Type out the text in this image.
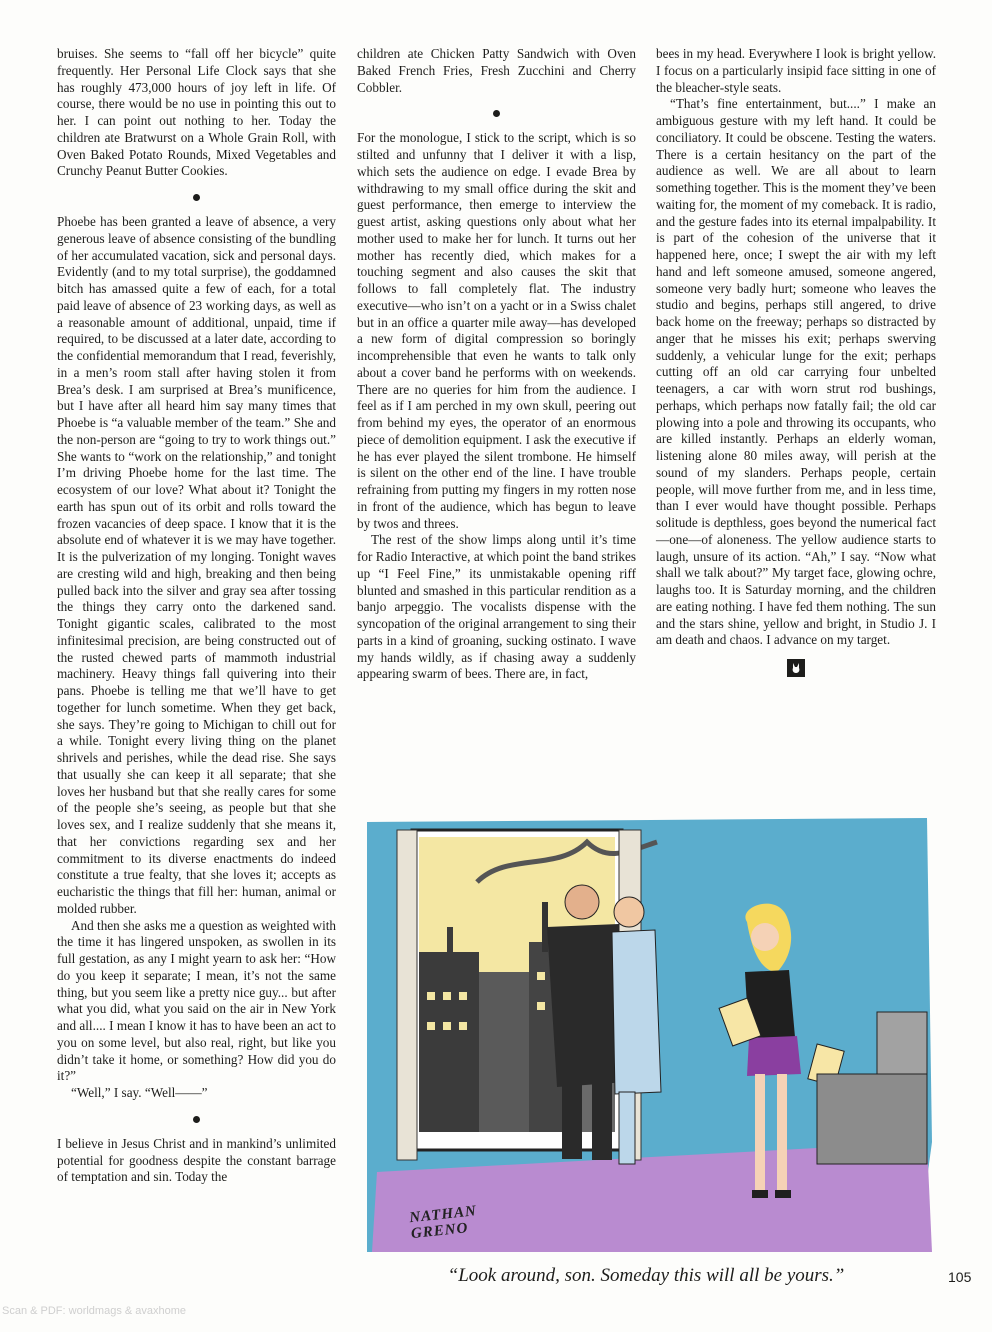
bruises. She seems to “fall off her bicycle” quite frequently. Her Personal Life Clock says that she has roughly 473,000 hours of joy left in life. Of course, there would be no use in pointing this out to her. I can point out nothing to her. Today the children ate Bratwurst on a Whole Grain Roll, with Oven Baked Potato Rounds, Mixed Vegetables and Crunchy Peanut Butter Cookies.

Phoebe has been granted a leave of absence, a very generous leave of absence consisting of the bundling of her accumulated vacation, sick and personal days. Evidently (and to my total surprise), the goddamned bitch has amassed quite a few of each, for a total paid leave of absence of 23 working days, as well as a reasonable amount of additional, unpaid, time if required, to be discussed at a later date, according to the confidential memorandum that I read, feverishly, in a men’s room stall after having stolen it from Brea’s desk. I am surprised at Brea’s munificence, but I have after all heard him say many times that Phoebe is “a valuable member of the team.” She and the non-person are “going to try to work things out.” She wants to “work on the relationship,” and tonight I’m driving Phoebe home for the last time. The ecosystem of our love? What about it? Tonight the earth has spun out of its orbit and rolls toward the frozen vacancies of deep space. I know that it is the absolute end of whatever it is we may have together. It is the pulverization of my longing. Tonight waves are cresting wild and high, breaking and then being pulled back into the silver and gray sea after tossing the things they carry onto the darkened sand. Tonight gigantic scales, calibrated to the most infinitesimal precision, are being constructed out of the rusted chewed parts of mammoth industrial machinery. Heavy things fall quivering into their pans. Phoebe is telling me that we’ll have to get together for lunch sometime. When they get back, she says. They’re going to Michigan to chill out for a while. Tonight every living thing on the planet shrivels and perishes, while the dead rise. She says that usually she can keep it all separate; that she loves her husband but that she really cares for some of the people she’s seeing, as people but that she loves sex, and I realize suddenly that she means it, that her convictions regarding sex and her commitment to its diverse enactments do indeed constitute a true fealty, that she loves it; accepts as eucharistic the things that fill her: human, animal or molded rubber.

And then she asks me a question as weighted with the time it has lingered unspoken, as swollen in its full gestation, as any I might yearn to ask her: “How do you keep it separate; I mean, it’s not the same thing, but you seem like a pretty nice guy... but after what you did, what you said on the air in New York and all.... I mean I know it has to have been an act to you on some level, but also real, right, but like you didn’t take it home, or something? How did you do it?”

“Well,” I say. “Well——”

I believe in Jesus Christ and in mankind’s unlimited potential for goodness despite the constant barrage of temptation and sin. Today the

children ate Chicken Patty Sandwich with Oven Baked French Fries, Fresh Zucchini and Cherry Cobbler.

For the monologue, I stick to the script, which is so stilted and unfunny that I deliver it with a lisp, which sets the audience on edge. I evade Brea by withdrawing to my small office during the skit and guest performance, then emerge to interview the guest artist, asking questions only about what her mother used to make her for lunch. It turns out her mother has recently died, which makes for a touching segment and also causes the skit that follows to fall completely flat. The industry executive—who isn’t on a yacht or in a Swiss chalet but in an office a quarter mile away—has developed a new form of digital compression so boringly incomprehensible that even he wants to talk only about a cover band he performs with on weekends. There are no queries for him from the audience. I feel as if I am perched in my own skull, peering out from behind my eyes, the operator of an enormous piece of demolition equipment. I ask the executive if he has ever played the silent trombone. He himself is silent on the other end of the line. I have trouble refraining from putting my fingers in my rotten nose in front of the audience, which has begun to leave by twos and threes.

The rest of the show limps along until it’s time for Radio Interactive, at which point the band strikes up “I Feel Fine,” its unmistakable opening riff blunted and smashed in this particular rendition as a banjo arpeggio. The vocalists dispense with the syncopation of the original arrangement to sing their parts in a kind of groaning, sucking ostinato. I wave my hands wildly, as if chasing away a suddenly appearing swarm of bees. There are, in fact,

bees in my head. Everywhere I look is bright yellow. I focus on a particularly insipid face sitting in one of the bleacher-style seats.

“That’s fine entertainment, but....” I make an ambiguous gesture with my left hand. It could be conciliatory. It could be obscene. Testing the waters. There is a certain hesitancy on the part of the audience as well. We are all about to learn something together. This is the moment they’ve been waiting for, the moment of my comeback. It is radio, and the gesture fades into its eternal impalpability. It is part of the cohesion of the universe that it happened here, once; I swept the air with my left hand and left someone amused, someone angered, someone very badly hurt; someone who leaves the studio and begins, perhaps still angered, to drive back home on the freeway; perhaps so distracted by anger that he misses his exit; perhaps swerving suddenly, a vehicular lunge for the exit; perhaps cutting off an old car carrying four unbelted teenagers, a car with worn strut rod bushings, perhaps, which perhaps now fatally fail; the old car plowing into a pole and throwing its occupants, who are killed instantly. Perhaps an elderly woman, listening alone 80 miles away, will perish at the sound of my slanders. Perhaps people, certain people, will move further from me, and in less time, than I ever would have thought possible. Perhaps solitude is depthless, goes beyond the numerical fact—one—of aloneness. The yellow audience starts to laugh, unsure of its action. “Ah,” I say. “Now what shall we talk about?” My target face, glowing ochre, laughs too. It is Saturday morning, and the children are eating nothing. I have fed them nothing. The sun and the stars shine, yellow and bright, in Studio J. I am death and chaos. I advance on my target.

NATHAN GRENO
“Look around, son. Someday this will all be yours.”	105
Scan & PDF: worldmags & avaxhome
